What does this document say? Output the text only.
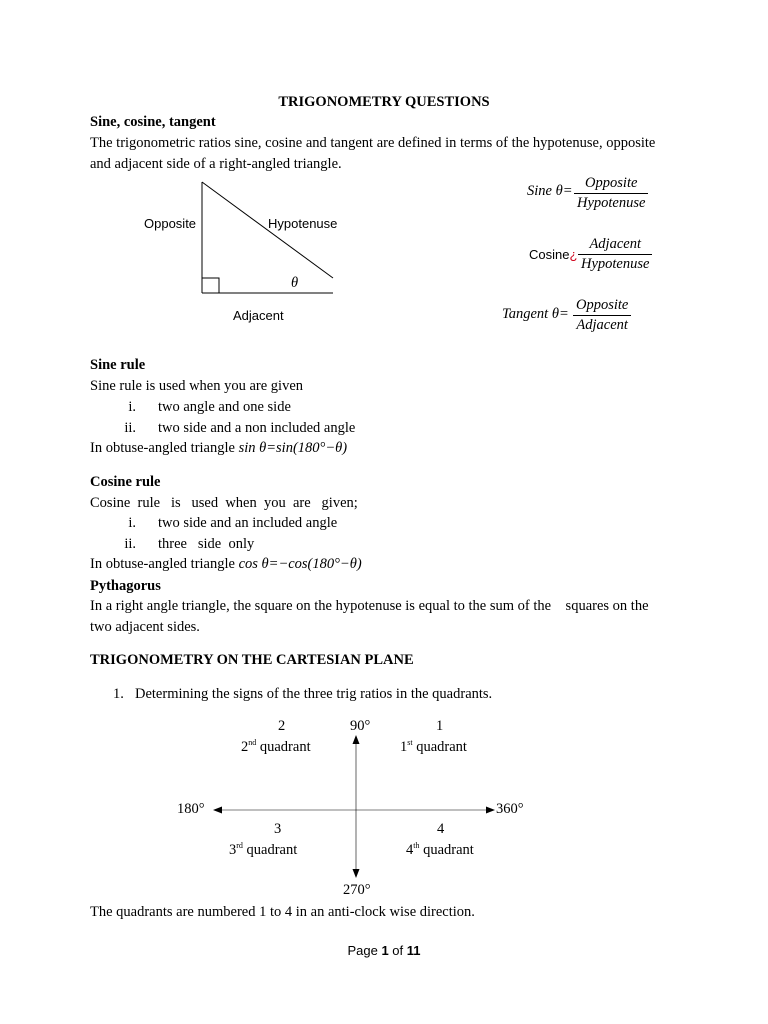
TRIGONOMETRY QUESTIONS
Sine, cosine, tangent
The trigonometric ratios sine, cosine and tangent are defined in terms of the hypotenuse, opposite
and adjacent side of a right-angled triangle.
Opposite	Hypotenuse
θ
Adjacent
Sine θ= Opposite
Hypotenuse
Cosine¿
Adjacent
Hypotenuse
Tangent θ=
Opposite
Adjacent
Sine rule
Sine rule is used when you are given
i. two angle and one side
ii. two side and a non included angle
In obtuse-angled triangle sin θ=sin(180°−θ)
Cosine rule
Cosine  rule   is   used  when  you  are   given;
i. two side and an included angle
ii. three   side  only
In obtuse-angled triangle cos θ=−cos(180°−θ)
Pythagorus
In a right angle triangle, the square on the hypotenuse is equal to the sum of the    squares on the
two adjacent sides.
TRIGONOMETRY ON THE CARTESIAN PLANE
1. Determining the signs of the three trig ratios in the quadrants.
90°
180°
270°
360°
2
2nd quadrant
1
1st quadrant
3
3rd quadrant
4
4th quadrant
The quadrants are numbered 1 to 4 in an anti-clock wise direction.
Page 1 of 11
